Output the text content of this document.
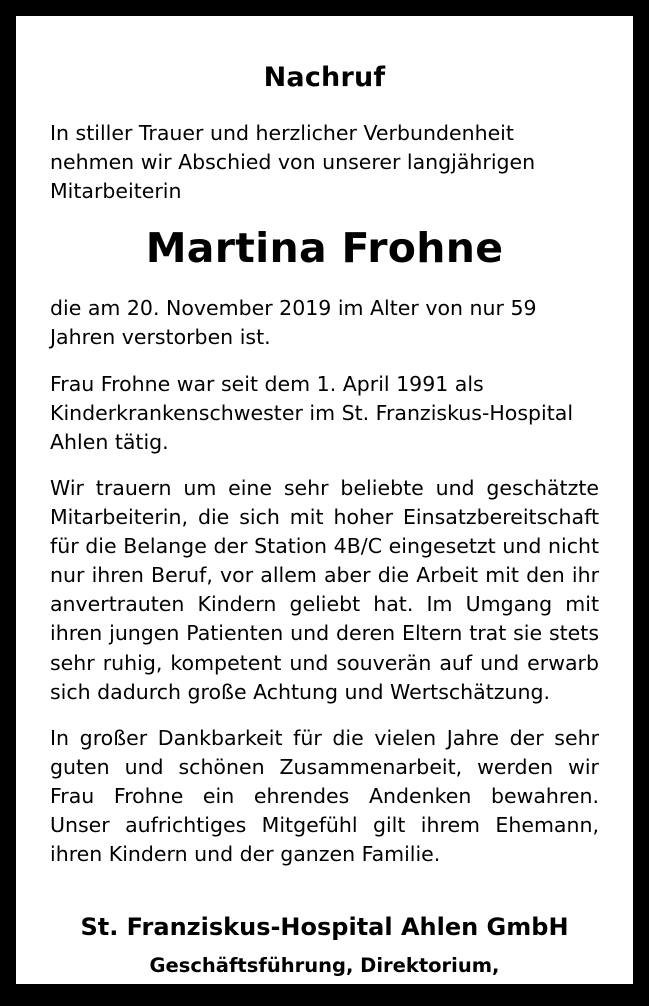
Nachruf

In stiller Trauer und herzlicher Verbundenheit nehmen wir Abschied von unserer langjährigen Mitarbeiterin

Martina Frohne

die am 20. November 2019 im Alter von nur 59 Jahren verstorben ist.

Frau Frohne war seit dem 1. April 1991 als Kinderkrankenschwester im St. Franziskus-Hospital Ahlen tätig.

Wir trauern um eine sehr beliebte und geschätzte Mitarbeiterin, die sich mit hoher Einsatzbereitschaft für die Belange der Station 4B/C eingesetzt und nicht nur ihren Beruf, vor allem aber die Arbeit mit den ihr anvertrauten Kindern geliebt hat. Im Umgang mit ihren jungen Patienten und deren Eltern trat sie stets sehr ruhig, kompetent und souverän auf und erwarb sich dadurch große Achtung und Wertschätzung.

In großer Dankbarkeit für die vielen Jahre der sehr guten und schönen Zusammenarbeit, werden wir Frau Frohne ein ehrendes Andenken bewahren. Unser aufrichtiges Mitgefühl gilt ihrem Ehemann, ihren Kindern und der ganzen Familie.

St. Franziskus-Hospital Ahlen GmbH

Geschäftsführung, Direktorium,

Mitarbeitervertretung und Mitarbeiter
